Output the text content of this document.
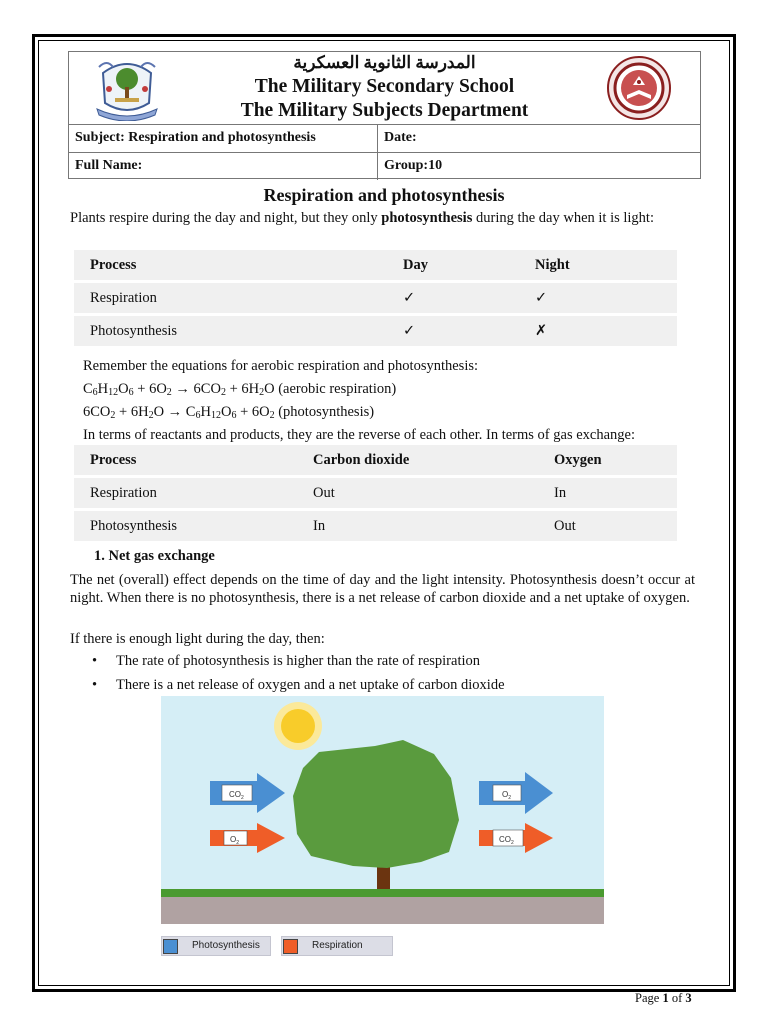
المدرسة الثانوية العسكرية
The Military Secondary School
The Military Subjects Department
Subject: Respiration and photosynthesis	Date:
Full Name:	Group:10
Respiration and photosynthesis
Plants respire during the day and night, but they only photosynthesis during the day when it is light:
Process	Day	Night
Respiration	✓	✓
Photosynthesis	✓	✗
Remember the equations for aerobic respiration and photosynthesis:
$C_6H_{12}O_6 + 6O_2 \to 6CO_2 + 6H_2O$ (aerobic respiration)
$6CO_2 + 6H_2O \to C_6H_{12}O_6 + 6O_2$ (photosynthesis)
In terms of reactants and products, they are the reverse of each other. In terms of gas exchange:
Process	Carbon dioxide	Oxygen
Respiration	Out	In
Photosynthesis	In	Out
1. Net gas exchange
The net (overall) effect depends on the time of day and the light intensity. Photosynthesis doesn’t occur at night. When there is no photosynthesis, there is a net release of carbon dioxide and a net uptake of oxygen.
If there is enough light during the day, then:
• The rate of photosynthesis is higher than the rate of respiration
• There is a net release of oxygen and a net uptake of carbon dioxide
$CO_2$
$O_2$
$O_2$
$CO_2$
Photosynthesis	Respiration
Page 1 of 3
